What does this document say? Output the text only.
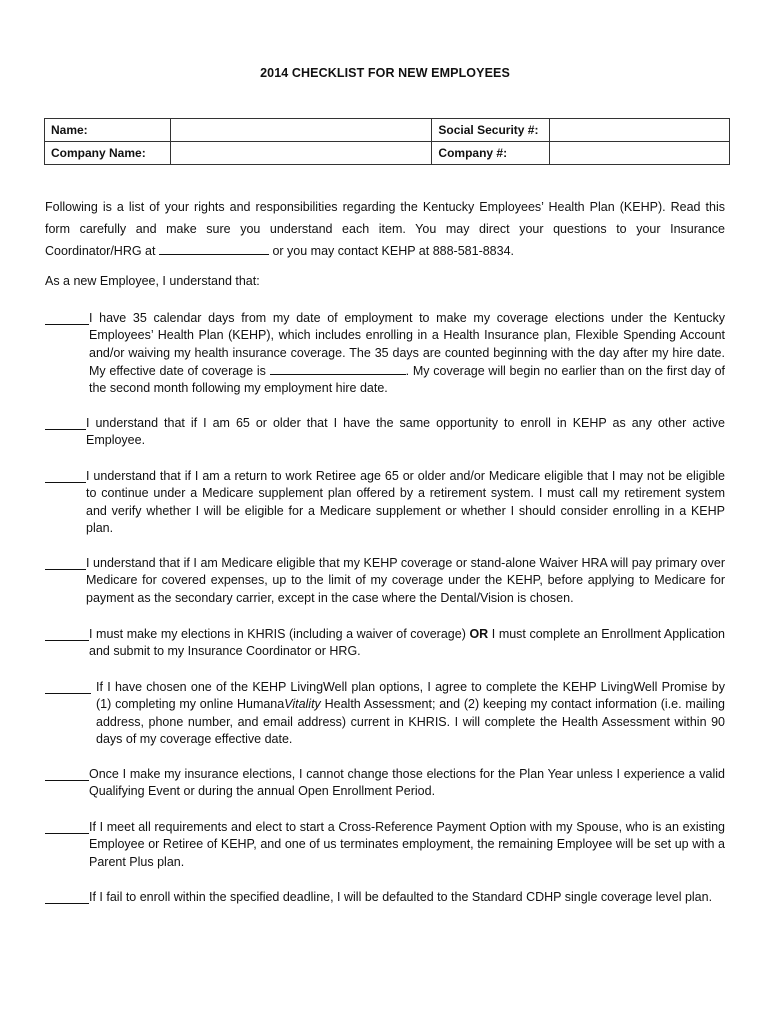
2014 CHECKLIST FOR NEW EMPLOYEES
Name:		Social Security #:	
Company Name:		Company #:	
Following is a list of your rights and responsibilities regarding the Kentucky Employees’ Health Plan (KEHP). Read this form carefully and make sure you understand each item. You may direct your questions to your Insurance Coordinator/HRG at	or you may contact KEHP at 888-581-8834.
As a new Employee, I understand that:
I have 35 calendar days from my date of employment to make my coverage elections under the Kentucky Employees’ Health Plan (KEHP), which includes enrolling in a Health Insurance plan, Flexible Spending Account and/or waiving my health insurance coverage. The 35 days are counted beginning with the day after my hire date. My effective date of coverage is	. My coverage will begin no earlier than on the first day of the second month following my employment hire date.
I understand that if I am 65 or older that I have the same opportunity to enroll in KEHP as any other active Employee.
I understand that if I am a return to work Retiree age 65 or older and/or Medicare eligible that I may not be eligible to continue under a Medicare supplement plan offered by a retirement system. I must call my retirement system and verify whether I will be eligible for a Medicare supplement or whether I should consider enrolling in a KEHP plan.
I understand that if I am Medicare eligible that my KEHP coverage or stand-alone Waiver HRA will pay primary over Medicare for covered expenses, up to the limit of my coverage under the KEHP, before applying to Medicare for payment as the secondary carrier, except in the case where the Dental/Vision is chosen.
I must make my elections in KHRIS (including a waiver of coverage) OR I must complete an Enrollment Application and submit to my Insurance Coordinator or HRG.
If I have chosen one of the KEHP LivingWell plan options, I agree to complete the KEHP LivingWell Promise by (1) completing my online HumanaVitality Health Assessment; and (2) keeping my contact information (i.e. mailing address, phone number, and email address) current in KHRIS. I will complete the Health Assessment within 90 days of my coverage effective date.
Once I make my insurance elections, I cannot change those elections for the Plan Year unless I experience a valid Qualifying Event or during the annual Open Enrollment Period.
If I meet all requirements and elect to start a Cross-Reference Payment Option with my Spouse, who is an existing Employee or Retiree of KEHP, and one of us terminates employment, the remaining Employee will be set up with a Parent Plus plan.
If I fail to enroll within the specified deadline, I will be defaulted to the Standard CDHP single coverage level plan.
